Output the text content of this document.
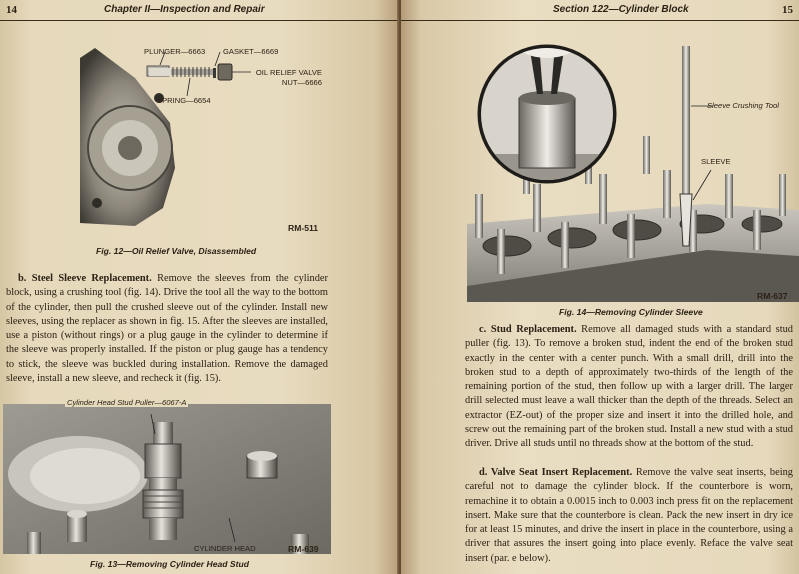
14	Chapter II—Inspection and Repair
PLUNGER—6663 GASKET—6669
OIL RELIEF VALVE NUT—6666
SPRING—6654
RM-511
Fig. 12—Oil Relief Valve, Disassembled
b. Steel Sleeve Replacement. Remove the sleeves from the cylinder block, using a crushing tool (fig. 14). Drive the tool all the way to the bottom of the cylinder, then pull the crushed sleeve out of the cylinder. Install new sleeves, using the replacer as shown in fig. 15. After the sleeves are installed, use a piston (without rings) or a plug gauge in the cylinder to determine if the sleeve was properly installed. If the piston or plug gauge has a tendency to stick, the sleeve was buckled during installation. Remove the damaged sleeve, install a new sleeve, and recheck it (fig. 15).
Cylinder Head Stud Puller—6067-A
CYLINDER HEAD	RM-639
Fig. 13—Removing Cylinder Head Stud
Section 122—Cylinder Block	15
Sleeve Crushing Tool
SLEEVE
RM-637
Fig. 14—Removing Cylinder Sleeve
c. Stud Replacement. Remove all damaged studs with a standard stud puller (fig. 13). To remove a broken stud, indent the end of the broken stud exactly in the center with a center punch. With a small drill, drill into the broken stud to a depth of approximately two-thirds of the length of the remaining portion of the stud, then follow up with a larger drill. The larger drill selected must leave a wall thicker than the depth of the threads. Select an extractor (EZ-out) of the proper size and insert it into the drilled hole, and screw out the remaining part of the broken stud. Install a new stud with a stud driver. Drive all studs until no threads show at the bottom of the stud.
d. Valve Seat Insert Replacement. Remove the valve seat inserts, being careful not to damage the cylinder block. If the counterbore is worn, remachine it to obtain a 0.0015 inch to 0.003 inch press fit on the replacement insert. Make sure that the counterbore is clean. Pack the new insert in dry ice for at least 15 minutes, and drive the insert in place in the counterbore, using a driver that assures the insert going into place evenly. Reface the valve seat insert (par. e below).
